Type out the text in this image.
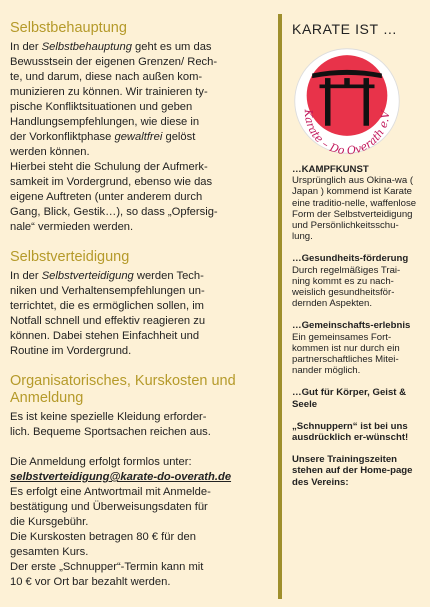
Selbstbehauptung

In der Selbstbehauptung geht es um das

Bewusstsein der eigenen Grenzen/ Rech-

te, und darum, diese nach außen kom-

munizieren zu können. Wir trainieren ty-

pische Konfliktsituationen und geben

Handlungsempfehlungen, wie diese in

der Vorkonfliktphase gewaltfrei gelöst

werden können.

Hierbei steht die Schulung der Aufmerk-

samkeit im Vordergrund, ebenso wie das

eigene Auftreten (unter anderem durch

Gang, Blick, Gestik…), so dass „Opfersig-

nale“ vermieden werden.

Selbstverteidigung

In der Selbstverteidigung werden Tech-

niken und Verhaltensempfehlungen un-

terrichtet, die es ermöglichen sollen, im

Notfall schnell und effektiv reagieren zu

können. Dabei stehen Einfachheit und

Routine im Vordergrund.

Organisatorisches, Kurskosten und
Anmeldung

Es ist keine spezielle Kleidung erforder-

lich. Bequeme Sportsachen reichen aus.

Die Anmeldung erfolgt formlos unter:

selbstverteidigung@karate-do-overath.de

Es erfolgt eine Antwortmail mit Anmelde-

bestätigung und Überweisungsdaten für

die Kursgebühr.

Die Kurskosten betragen 80 € für den

gesamten Kurs.

Der erste „Schnupper“-Termin kann mit

10 € vor Ort bar bezahlt werden.

KARATE IST …
Karate – Do Overath e.V
…KAMPFKUNST
Ursprünglich aus Okina-wa ( Japan ) kommend ist Karate eine traditio-nelle, waffenlose Form der Selbstverteidigung und Persönlichkeitsschu-lung.
…Gesundheits-förderung
Durch regelmäßiges Trai-ning kommt es zu nach-weislich gesundheitsför-dernden Aspekten.
…Gemeinschafts-erlebnis
Ein gemeinsames Fort-kommen ist nur durch ein partnerschaftliches Mitei-nander möglich.
…Gut für Körper, Geist & Seele
„Schnuppern“ ist bei uns ausdrücklich er-wünscht!
Unsere Trainingszeiten stehen auf der Home-page des Vereins:
